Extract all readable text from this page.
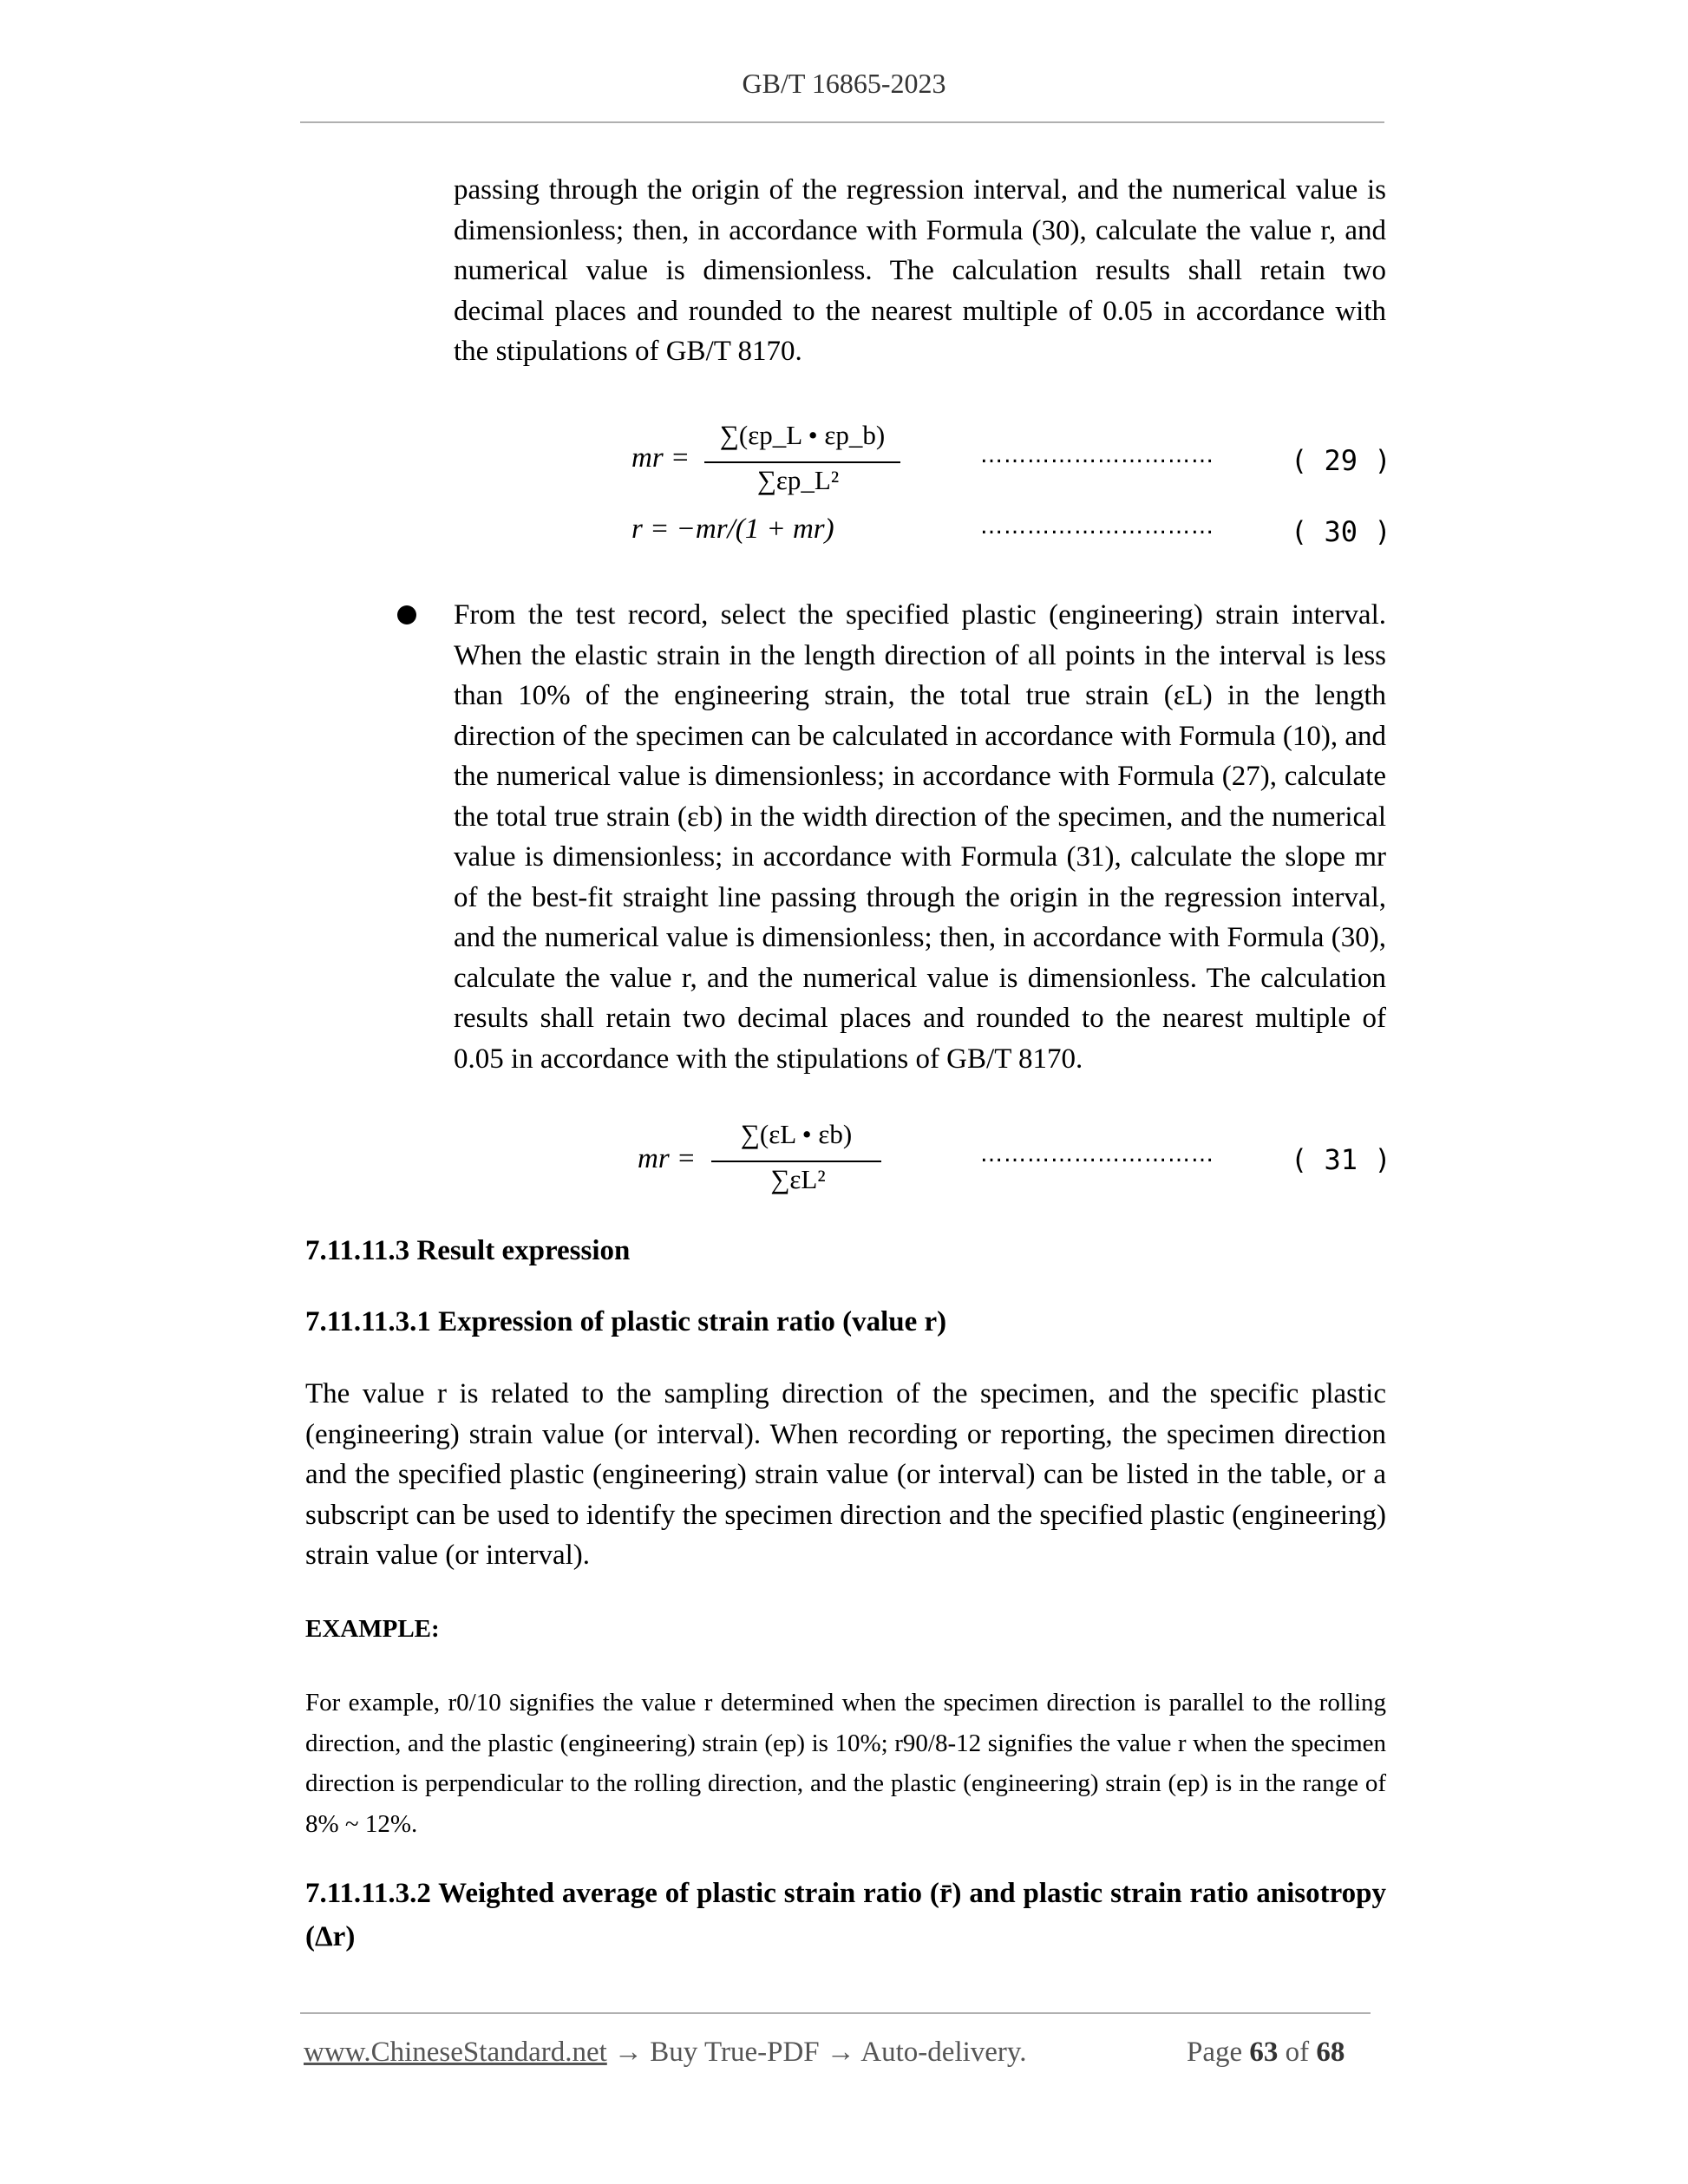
GB/T 16865-2023

passing through the origin of the regression interval, and the numerical value is dimensionless; then, in accordance with Formula (30), calculate the value r, and numerical value is dimensionless. The calculation results shall retain two decimal places and rounded to the nearest multiple of 0.05 in accordance with the stipulations of GB/T 8170.

mr =
∑(εp_L • εp_b)
∑εp_L²
…………………………	( 29 )
r = −mr/(1 + mr)	…………………………	( 30 )

From the test record, select the specified plastic (engineering) strain interval. When the elastic strain in the length direction of all points in the interval is less than 10% of the engineering strain, the total true strain (εL) in the length direction of the specimen can be calculated in accordance with Formula (10), and the numerical value is dimensionless; in accordance with Formula (27), calculate the total true strain (εb) in the width direction of the specimen, and the numerical value is dimensionless; in accordance with Formula (31), calculate the slope mr of the best-fit straight line passing through the origin in the regression interval, and the numerical value is dimensionless; then, in accordance with Formula (30), calculate the value r, and the numerical value is dimensionless. The calculation results shall retain two decimal places and rounded to the nearest multiple of 0.05 in accordance with the stipulations of GB/T 8170.

mr =
∑(εL • εb)
∑εL²
…………………………	( 31 )
7.11.11.3 Result expression
7.11.11.3.1 Expression of plastic strain ratio (value r)

The value r is related to the sampling direction of the specimen, and the specific plastic (engineering) strain value (or interval). When recording or reporting, the specimen direction and the specified plastic (engineering) strain value (or interval) can be listed in the table, or a subscript can be used to identify the specimen direction and the specified plastic (engineering) strain value (or interval).

EXAMPLE:

For example, r0/10 signifies the value r determined when the specimen direction is parallel to the rolling direction, and the plastic (engineering) strain (ep) is 10%; r90/8-12 signifies the value r when the specimen direction is perpendicular to the rolling direction, and the plastic (engineering) strain (ep) is in the range of 8% ~ 12%.

7.11.11.3.2 Weighted average of plastic strain ratio (r̄) and plastic strain ratio anisotropy (Δr)
www.ChineseStandard.net → Buy True-PDF → Auto-delivery.	Page 63 of 68
